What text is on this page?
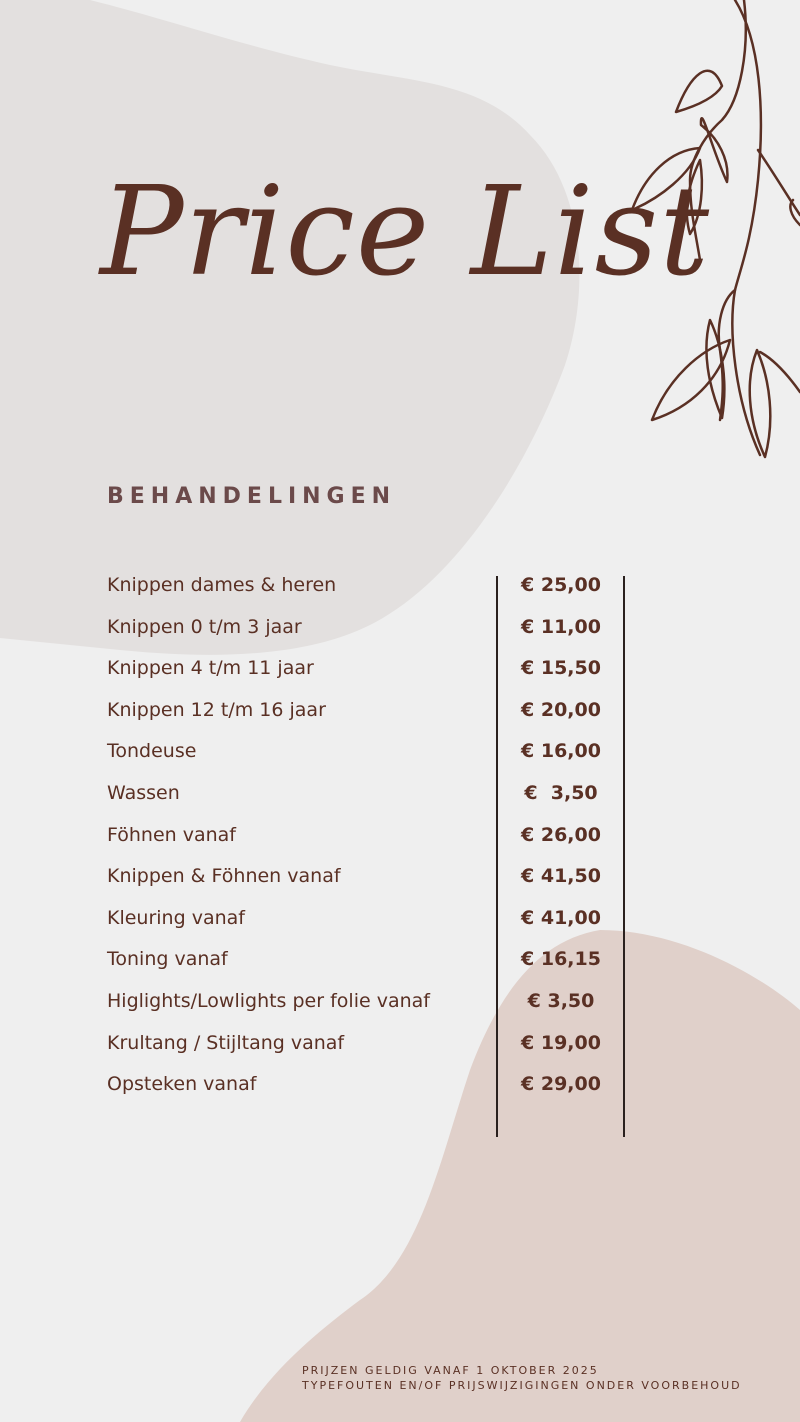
Price List
BEHANDELINGEN
Knippen dames & heren	€ 25,00
Knippen 0 t/m 3 jaar	€ 11,00
Knippen 4 t/m 11 jaar	€ 15,50
Knippen 12 t/m 16 jaar	€ 20,00
Tondeuse	€ 16,00
Wassen	€  3,50
Föhnen vanaf	€ 26,00
Knippen & Föhnen vanaf	€ 41,50
Kleuring vanaf	€ 41,00
Toning vanaf	€ 16,15
Higlights/Lowlights per folie vanaf	€ 3,50
Krultang / Stijltang vanaf	€ 19,00
Opsteken vanaf	€ 29,00
PRIJZEN GELDIG VANAF 1 OKTOBER 2025
TYPEFOUTEN EN/OF PRIJSWIJZIGINGEN ONDER VOORBEHOUD
